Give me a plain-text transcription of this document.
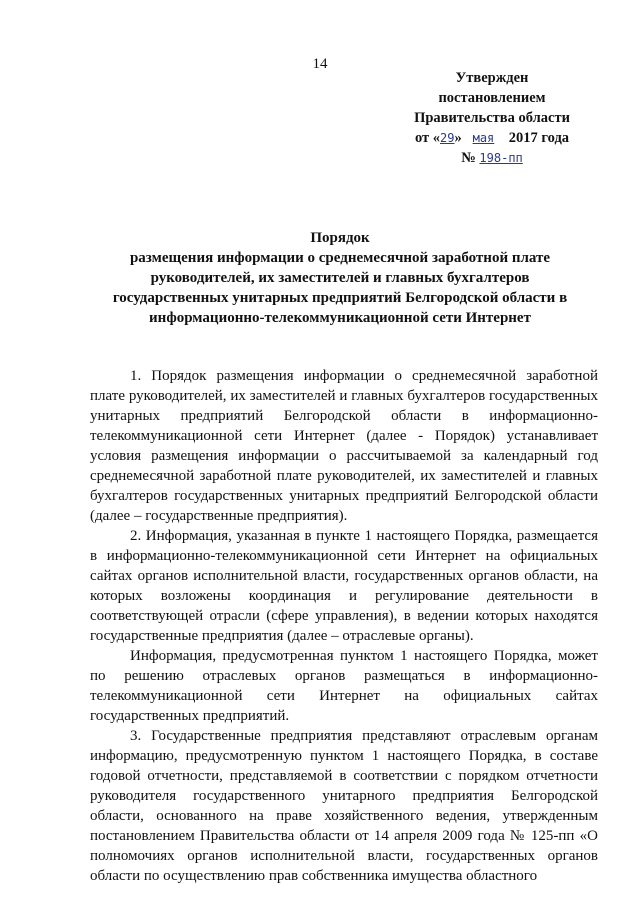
14
Утвержден
постановлением
Правительства области
от «29» мая 2017 года
№ 198-пп
Порядок
размещения информации о среднемесячной заработной плате
руководителей, их заместителей и главных бухгалтеров
государственных унитарных предприятий Белгородской области в
информационно-телекоммуникационной сети Интернет

1. Порядок размещения информации о среднемесячной заработной плате руководителей, их заместителей и главных бухгалтеров государственных унитарных предприятий Белгородской области в информационно-телекоммуникационной сети Интернет (далее - Порядок) устанавливает условия размещения информации о рассчитываемой за календарный год среднемесячной заработной плате руководителей, их заместителей и главных бухгалтеров государственных унитарных предприятий Белгородской области (далее – государственные предприятия).

2. Информация, указанная в пункте 1 настоящего Порядка, размещается в информационно-телекоммуникационной сети Интернет на официальных сайтах органов исполнительной власти, государственных органов области, на которых возложены координация и регулирование деятельности в соответствующей отрасли (сфере управления), в ведении которых находятся государственные предприятия (далее – отраслевые органы).

Информация, предусмотренная пунктом 1 настоящего Порядка, может по решению отраслевых органов размещаться в информационно-телекоммуникационной сети Интернет на официальных сайтах государственных предприятий.

3. Государственные предприятия представляют отраслевым органам информацию, предусмотренную пунктом 1 настоящего Порядка, в составе годовой отчетности, представляемой в соответствии с порядком отчетности руководителя государственного унитарного предприятия Белгородской области, основанного на праве хозяйственного ведения, утвержденным постановлением Правительства области от 14 апреля 2009 года № 125-пп «О полномочиях органов исполнительной власти, государственных органов области по осуществлению прав собственника имущества областного
